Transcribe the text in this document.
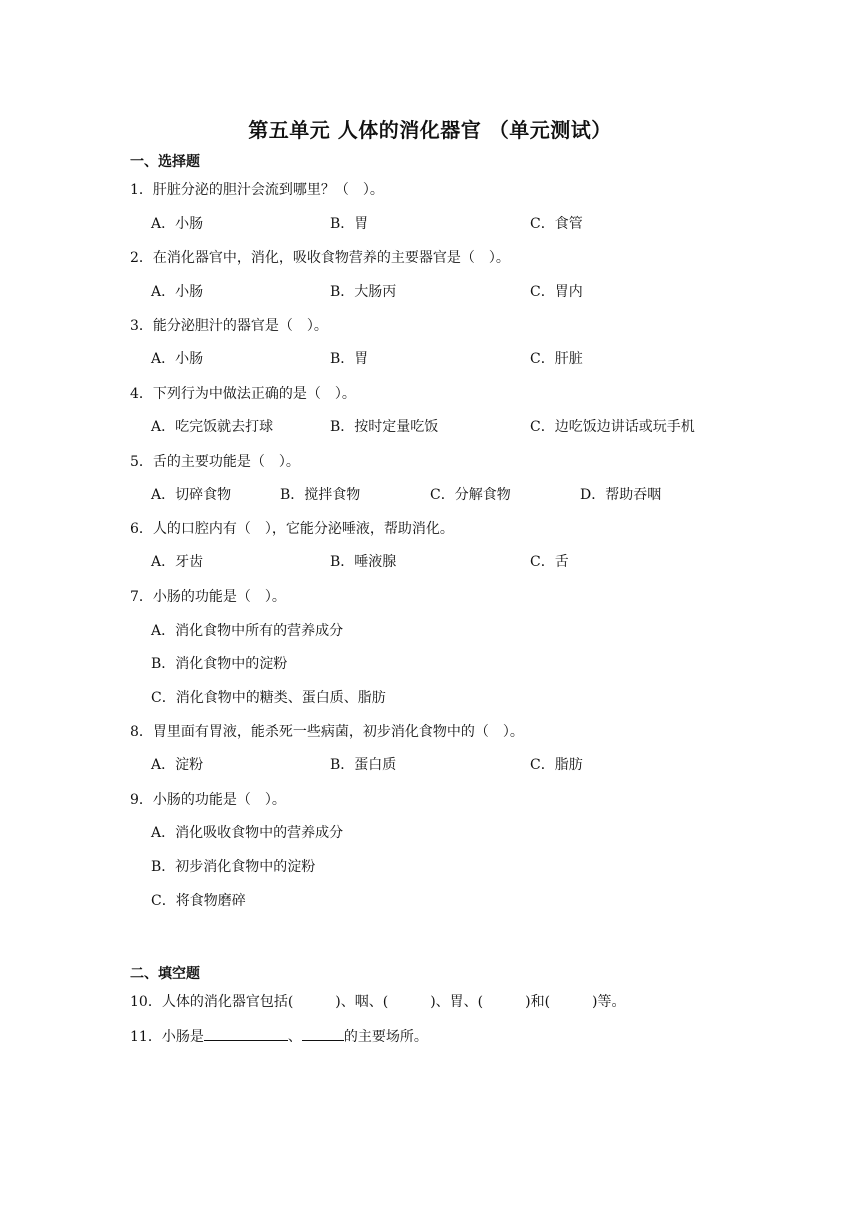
第五单元 人体的消化器官 （单元测试）
一、选择题
1．肝脏分泌的胆汁会流到哪里？（　）。
A．小肠	B．胃	C．食管
2．在消化器官中，消化，吸收食物营养的主要器官是（　）。
A．小肠	B．大肠丙	C．胃内
3．能分泌胆汁的器官是（　）。
A．小肠	B．胃	C．肝脏
4．下列行为中做法正确的是（　）。
A．吃完饭就去打球	B．按时定量吃饭	C．边吃饭边讲话或玩手机
5．舌的主要功能是（　）。
A．切碎食物	B．搅拌食物	C．分解食物	D．帮助吞咽
6．人的口腔内有（　），它能分泌唾液，帮助消化。
A．牙齿	B．唾液腺	C．舌
7．小肠的功能是（　）。
A．消化食物中所有的营养成分
B．消化食物中的淀粉
C．消化食物中的糖类、蛋白质、脂肪
8．胃里面有胃液，能杀死一些病菌，初步消化食物中的（　）。
A．淀粉	B．蛋白质	C．脂肪
9．小肠的功能是（　）。
A．消化吸收食物中的营养成分
B．初步消化食物中的淀粉
C．将食物磨碎
二、填空题
10．人体的消化器官包括(　　　)、咽、(　　　)、胃、(　　　)和(　　　)等。
11．小肠是	、	的主要场所。
